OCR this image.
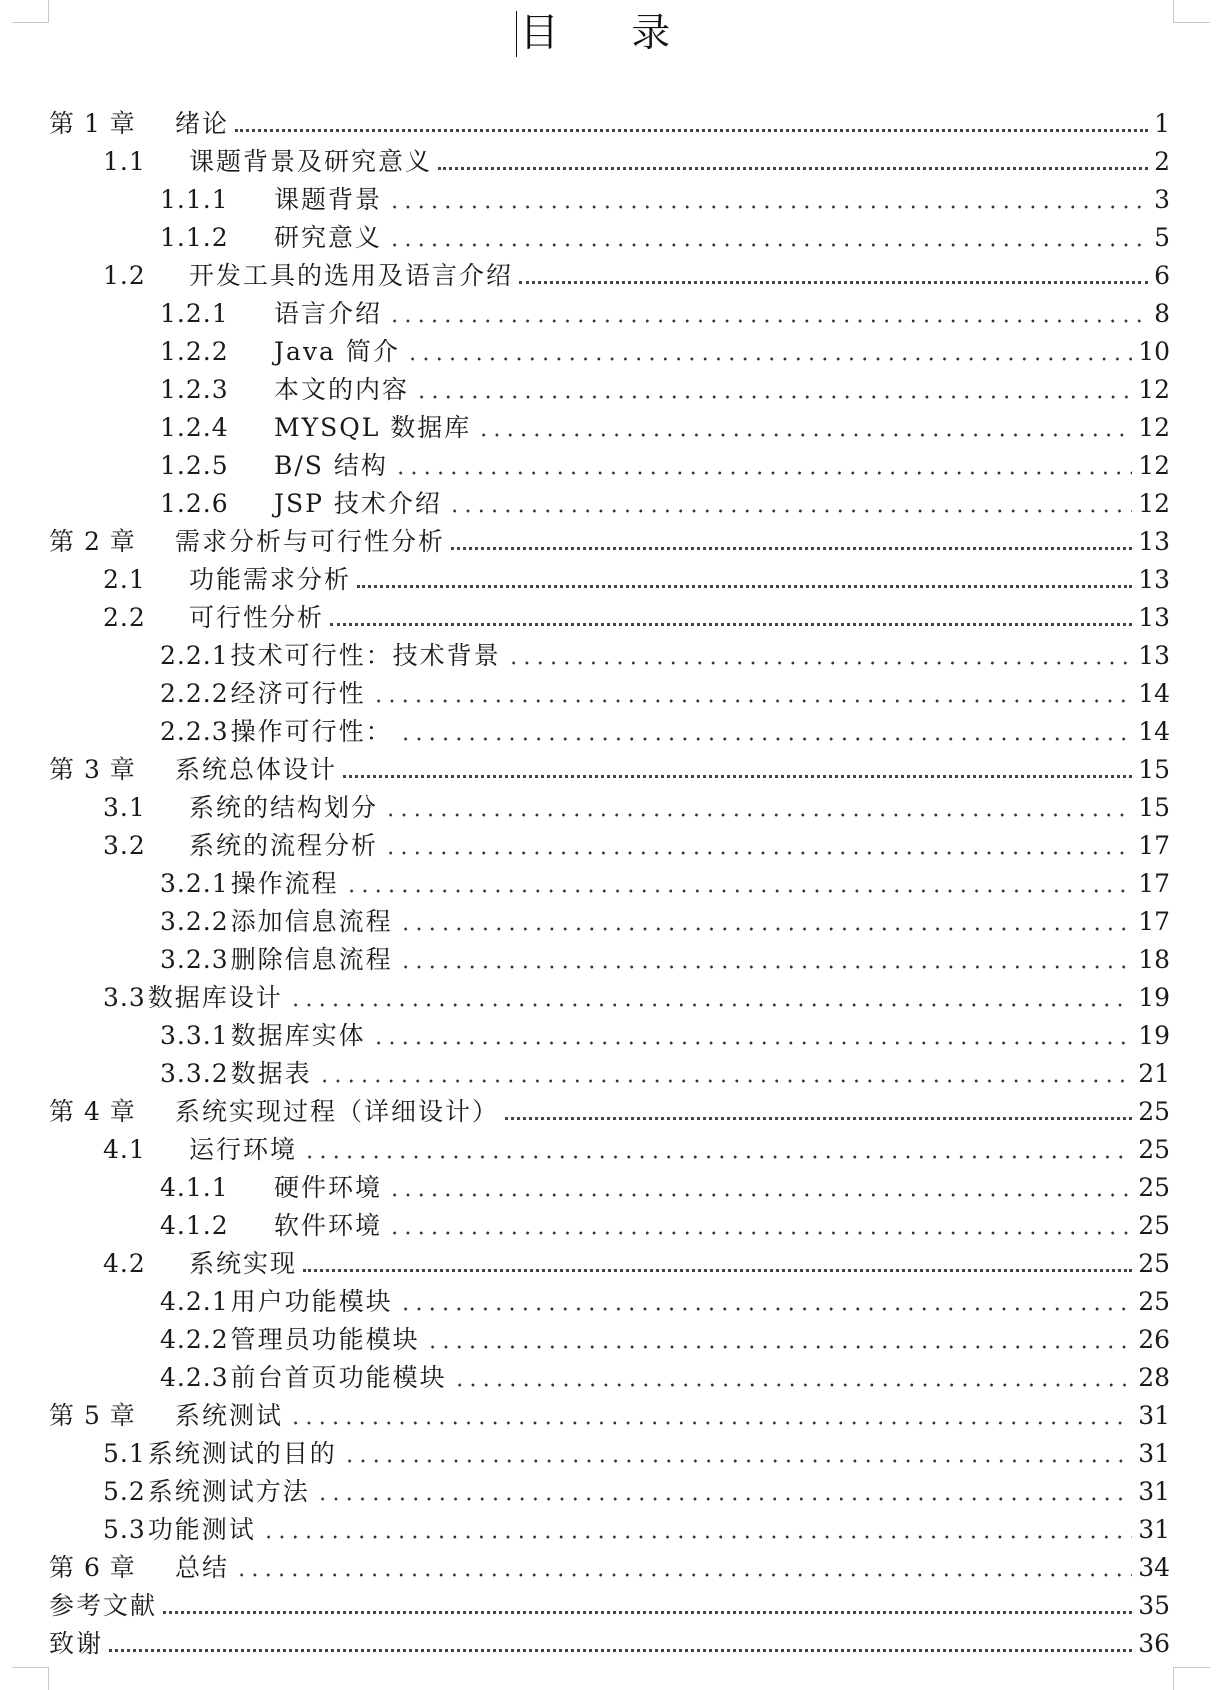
目 录
第 1 章	绪论	1
1.1	课题背景及研究意义	2
1.1.1	课题背景	3
1.1.2	研究意义	5
1.2	开发工具的选用及语言介绍	6
1.2.1	语言介绍	8
1.2.2	Java 简介	10
1.2.3	本文的内容	12
1.2.4	MYSQL 数据库	12
1.2.5	B/S 结构	12
1.2.6	JSP 技术介绍	12
第 2 章	需求分析与可行性分析	13
2.1	功能需求分析	13
2.2	可行性分析	13
2.2.1 技术可行性：技术背景	13
2.2.2 经济可行性	14
2.2.3 操作可行性：	14
第 3 章	系统总体设计	15
3.1	系统的结构划分	15
3.2	系统的流程分析	17
3.2.1 操作流程	17
3.2.2 添加信息流程	17
3.2.3 删除信息流程	18
3.3 数据库设计	19
3.3.1 数据库实体	19
3.3.2 数据表	21
第 4 章	系统实现过程（详细设计）	25
4.1	运行环境	25
4.1.1	硬件环境	25
4.1.2	软件环境	25
4.2	系统实现	25
4.2.1 用户功能模块	25
4.2.2 管理员功能模块	26
4.2.3 前台首页功能模块	28
第 5 章	系统测试	31
5.1 系统测试的目的	31
5.2 系统测试方法	31
5.3 功能测试	31
第 6 章	总结	34
参考文献	35
致谢	36
